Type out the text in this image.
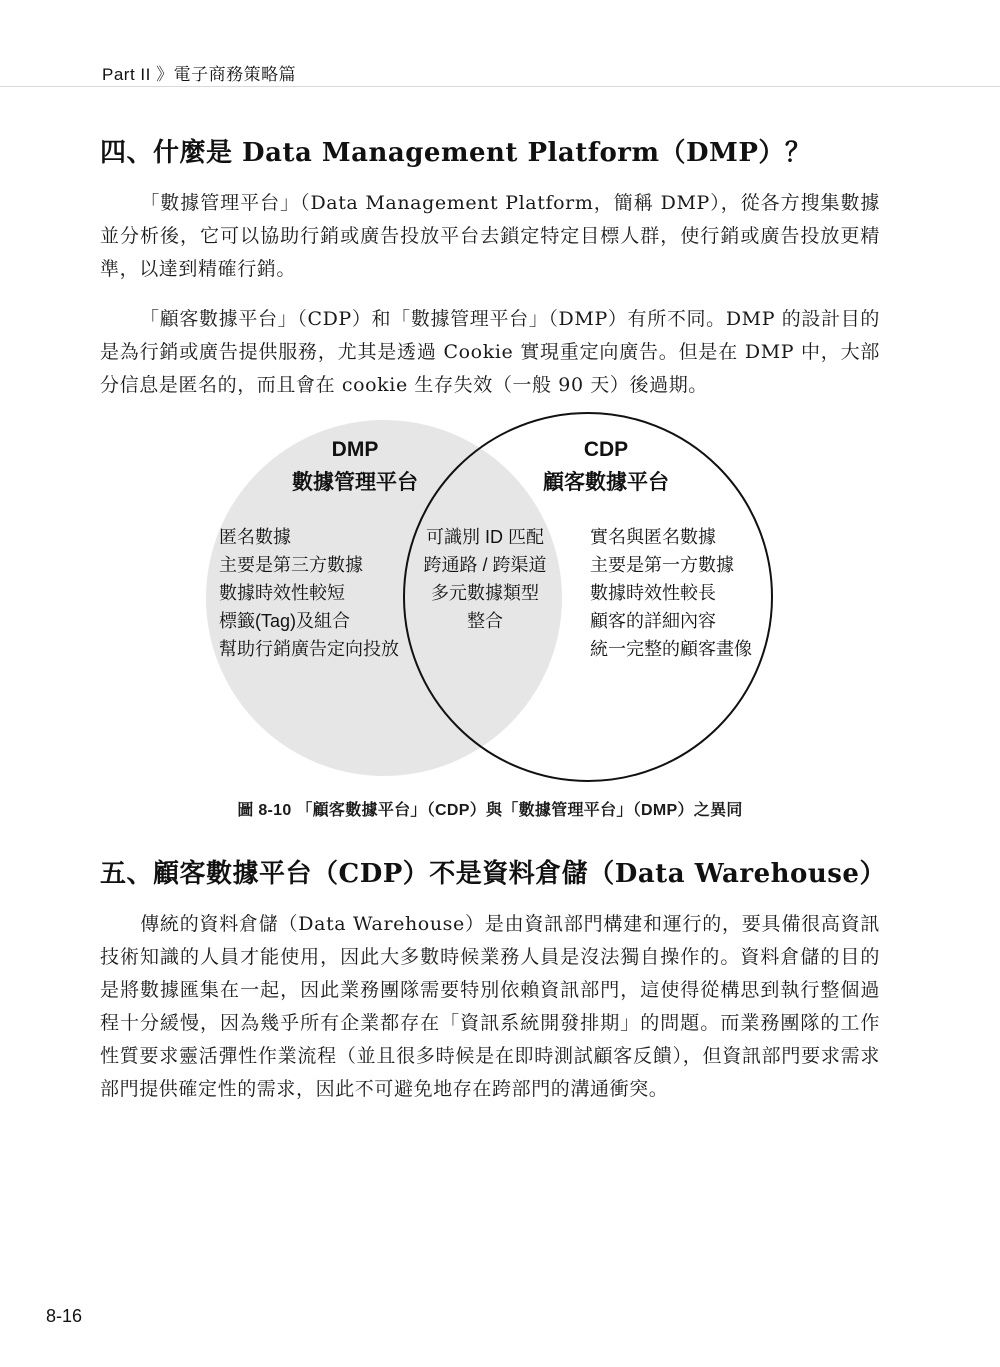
Part II 》電子商務策略篇
四、什麼是 Data Management Platform（DMP）？

「數據管理平台」（Data Management Platform，簡稱 DMP），從各方搜集數據並分析後，它可以協助行銷或廣告投放平台去鎖定特定目標人群，使行銷或廣告投放更精準，以達到精確行銷。

「顧客數據平台」（CDP）和「數據管理平台」（DMP）有所不同。DMP 的設計目的是為行銷或廣告提供服務，尤其是透過 Cookie 實現重定向廣告。但是在 DMP 中，大部分信息是匿名的，而且會在 cookie 生存失效（一般 90 天）後過期。

DMP
數據管理平台
CDP
顧客數據平台
匿名數據
主要是第三方數據
數據時效性較短
標籤(Tag)及組合
幫助行銷廣告定向投放
可識別 ID 匹配
跨通路 / 跨渠道
多元數據類型
整合
實名與匿名數據
主要是第一方數據
數據時效性較長
顧客的詳細內容
統一完整的顧客畫像
圖 8-10 「顧客數據平台」（CDP）與「數據管理平台」（DMP）之異同
五、顧客數據平台（CDP）不是資料倉儲（Data Warehouse）

傳統的資料倉儲（Data Warehouse）是由資訊部門構建和運行的，要具備很高資訊技術知識的人員才能使用，因此大多數時候業務人員是沒法獨自操作的。資料倉儲的目的是將數據匯集在一起，因此業務團隊需要特別依賴資訊部門，這使得從構思到執行整個過程十分緩慢，因為幾乎所有企業都存在「資訊系統開發排期」的問題。而業務團隊的工作性質要求靈活彈性作業流程（並且很多時候是在即時測試顧客反饋），但資訊部門要求需求部門提供確定性的需求，因此不可避免地存在跨部門的溝通衝突。

8-16
